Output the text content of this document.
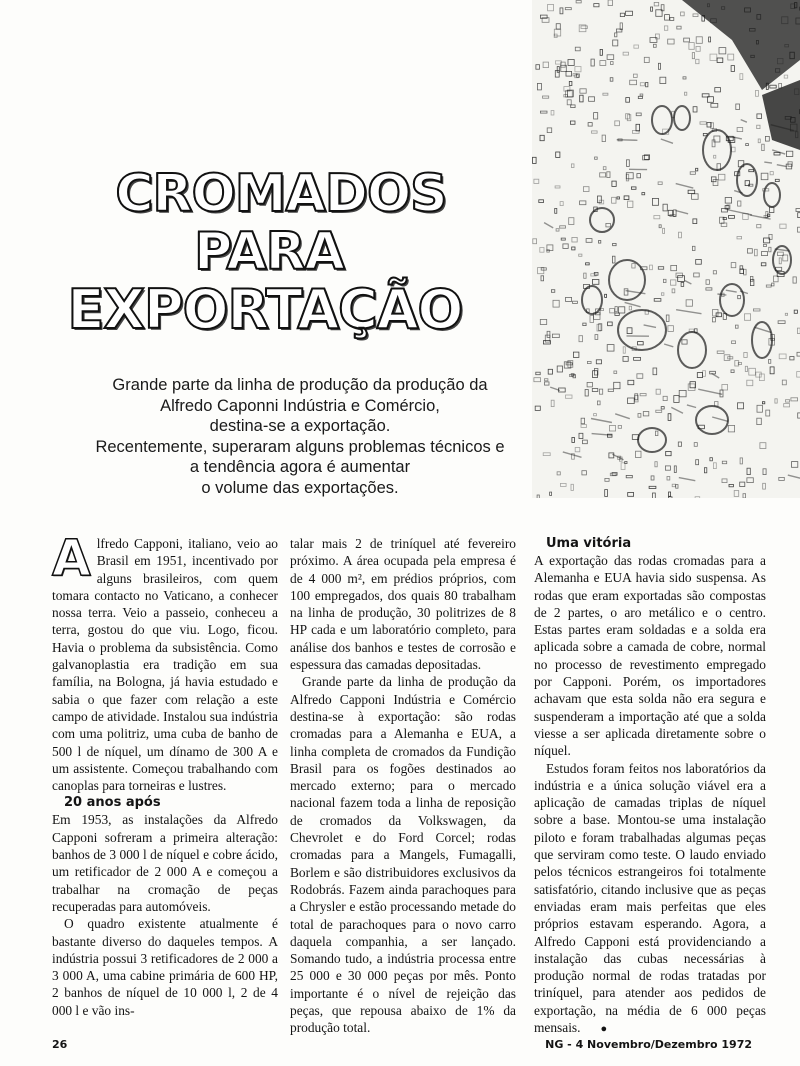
CROMADOS
PARA
EXPORTAÇÃO
Grande parte da linha de produção da produção da
Alfredo Caponni Indústria e Comércio,
destina-se a exportação.
Recentemente, superaram alguns problemas técnicos e
a tendência agora é aumentar
o volume das exportações.

Alfredo Capponi, italiano, veio ao Brasil em 1951, incentivado por alguns brasileiros, com quem tomara contacto no Vaticano, a conhecer nossa terra. Veio a passeio, conheceu a terra, gostou do que viu. Logo, ficou. Havia o problema da subsistência. Como galvanoplastia era tradição em sua família, na Bologna, já havia estudado e sabia o que fazer com relação a este campo de atividade. Instalou sua indústria com uma politriz, uma cuba de banho de 500 l de níquel, um dínamo de 300 A e um assistente. Começou trabalhando com canoplas para torneiras e lustres.

20 anos após

Em 1953, as instalações da Alfredo Capponi sofreram a primeira alteração: banhos de 3 000 l de níquel e cobre ácido, um retificador de 2 000 A e começou a trabalhar na cromação de peças recuperadas para automóveis.

O quadro existente atualmente é bastante diverso do daqueles tempos. A indústria possui 3 retificadores de 2 000 a 3 000 A, uma cabine primária de 600 HP, 2 banhos de níquel de 10 000 l, 2 de 4 000 l e vão ins-

talar mais 2 de triníquel até fevereiro próximo. A área ocupada pela empresa é de 4 000 m², em prédios próprios, com 100 empregados, dos quais 80 trabalham na linha de produção, 30 politrizes de 8 HP cada e um laboratório completo, para análise dos banhos e testes de corrosão e espessura das camadas depositadas.

Grande parte da linha de produção da Alfredo Capponi Indústria e Comércio destina-se à exportação: são rodas cromadas para a Alemanha e EUA, a linha completa de cromados da Fundição Brasil para os fogões destinados ao mercado externo; para o mercado nacional fazem toda a linha de reposição de cromados da Volkswagen, da Chevrolet e do Ford Corcel; rodas cromadas para a Mangels, Fumagalli, Borlem e são distribuidores exclusivos da Rodobrás. Fazem ainda parachoques para a Chrysler e estão processando metade do total de parachoques para o novo carro daquela companhia, a ser lançado. Somando tudo, a indústria processa entre 25 000 e 30 000 peças por mês. Ponto importante é o nível de rejeição das peças, que repousa abaixo de 1% da produção total.

Uma vitória

A exportação das rodas cromadas para a Alemanha e EUA havia sido suspensa. As rodas que eram exportadas são compostas de 2 partes, o aro metálico e o centro. Estas partes eram soldadas e a solda era aplicada sobre a camada de cobre, normal no processo de revestimento empregado por Capponi. Porém, os importadores achavam que esta solda não era segura e suspenderam a importação até que a solda viesse a ser aplicada diretamente sobre o níquel.

Estudos foram feitos nos laboratórios da indústria e a única solução viável era a aplicação de camadas triplas de níquel sobre a base. Montou-se uma instalação piloto e foram trabalhadas algumas peças que serviram como teste. O laudo enviado pelos técnicos estrangeiros foi totalmente satisfatório, citando inclusive que as peças enviadas eram mais perfeitas que eles próprios estavam esperando. Agora, a Alfredo Capponi está providenciando a instalação das cubas necessárias à produção normal de rodas tratadas por triníquel, para atender aos pedidos de exportação, na média de 6 000 peças mensais. ●

26	NG - 4 Novembro/Dezembro 1972
